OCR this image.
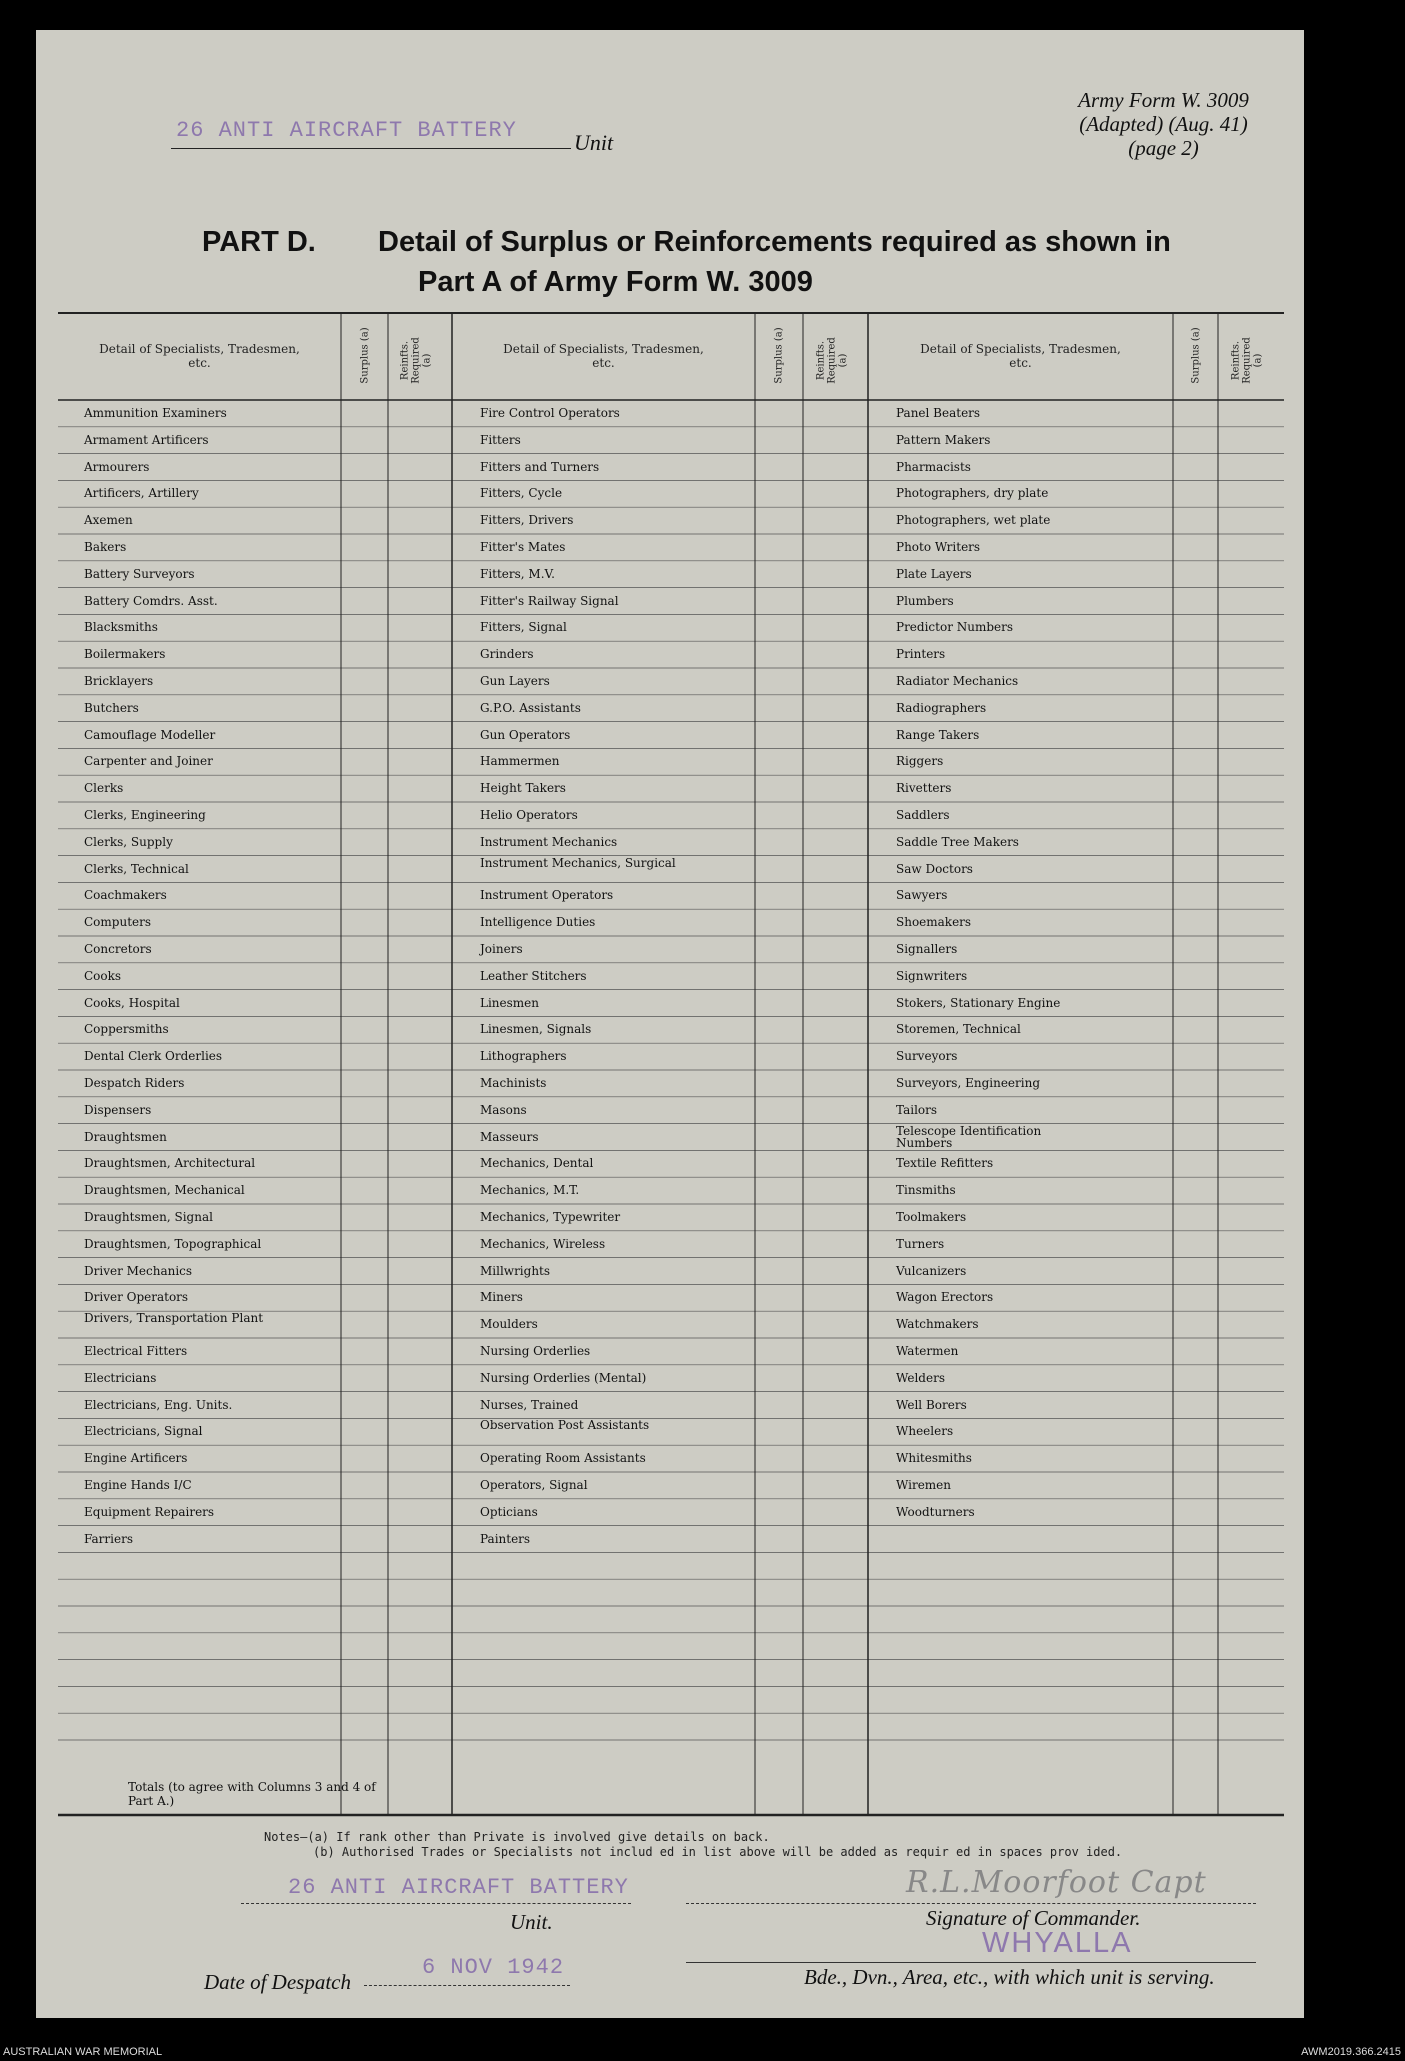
26 ANTI AIRCRAFT BATTERY	Unit
Army Form W. 3009
(Adapted) (Aug. 41)
(page 2)
PART D. Detail of Surplus or Reinforcements required as shown in
Part A of Army Form W. 3009
Detail of Specialists, Tradesmen, etc.	Surplus (a)	Reinfts. Required (a)
Ammunition Examiners
Armament Artificers
Armourers
Artificers, Artillery
Axemen
Bakers
Battery Surveyors
Battery Comdrs. Asst.
Blacksmiths
Boilermakers
Bricklayers
Butchers
Camouflage Modeller
Carpenter and Joiner
Clerks
Clerks, Engineering
Clerks, Supply
Clerks, Technical
Coachmakers
Computers
Concretors
Cooks
Cooks, Hospital
Coppersmiths
Dental Clerk Orderlies
Despatch Riders
Dispensers
Draughtsmen
Draughtsmen, Architectural
Draughtsmen, Mechanical
Draughtsmen, Signal
Draughtsmen, Topographical
Driver Mechanics
Driver Operators
Drivers, Transportation Plant
Electrical Fitters
Electricians
Electricians, Eng. Units.
Electricians, Signal
Engine Artificers
Engine Hands I/C
Equipment Repairers
Farriers
Detail of Specialists, Tradesmen, etc.	Surplus (a)	Reinfts. Required (a)
Fire Control Operators
Fitters
Fitters and Turners
Fitters, Cycle
Fitters, Drivers
Fitter's Mates
Fitters, M.V.
Fitter's Railway Signal
Fitters, Signal
Grinders
Gun Layers
G.P.O. Assistants
Gun Operators
Hammermen
Height Takers
Helio Operators
Instrument Mechanics
Instrument Mechanics, Surgical
Instrument Operators
Intelligence Duties
Joiners
Leather Stitchers
Linesmen
Linesmen, Signals
Lithographers
Machinists
Masons
Masseurs
Mechanics, Dental
Mechanics, M.T.
Mechanics, Typewriter
Mechanics, Wireless
Millwrights
Miners
Moulders
Nursing Orderlies
Nursing Orderlies (Mental)
Nurses, Trained
Observation Post Assistants
Operating Room Assistants
Operators, Signal
Opticians
Painters
Detail of Specialists, Tradesmen, etc.	Surplus (a)	Reinfts. Required (a)
Panel Beaters
Pattern Makers
Pharmacists
Photographers, dry plate
Photographers, wet plate
Photo Writers
Plate Layers
Plumbers
Predictor Numbers
Printers
Radiator Mechanics
Radiographers
Range Takers
Riggers
Rivetters
Saddlers
Saddle Tree Makers
Saw Doctors
Sawyers
Shoemakers
Signallers
Signwriters
Stokers, Stationary Engine
Storemen, Technical
Surveyors
Surveyors, Engineering
Tailors
Telescope Identification Numbers
Textile Refitters
Tinsmiths
Toolmakers
Turners
Vulcanizers
Wagon Erectors
Watchmakers
Watermen
Welders
Well Borers
Wheelers
Whitesmiths
Wiremen
Woodturners
Totals (to agree with Columns 3 and 4 of Part A.)
Notes—(a) If rank other than Private is involved give details on back.
(b) Authorised Trades or Specialists not includ ed in list above will be added as requir ed in spaces prov ided.
26 ANTI AIRCRAFT BATTERY
Unit.
R.L.Moorfoot Capt
Signature of Commander.
WHYALLA
Bde., Dvn., Area, etc., with which unit is serving.
Date of Despatch
6 NOV 1942
AUSTRALIAN WAR MEMORIAL	AWM2019.366.2415
